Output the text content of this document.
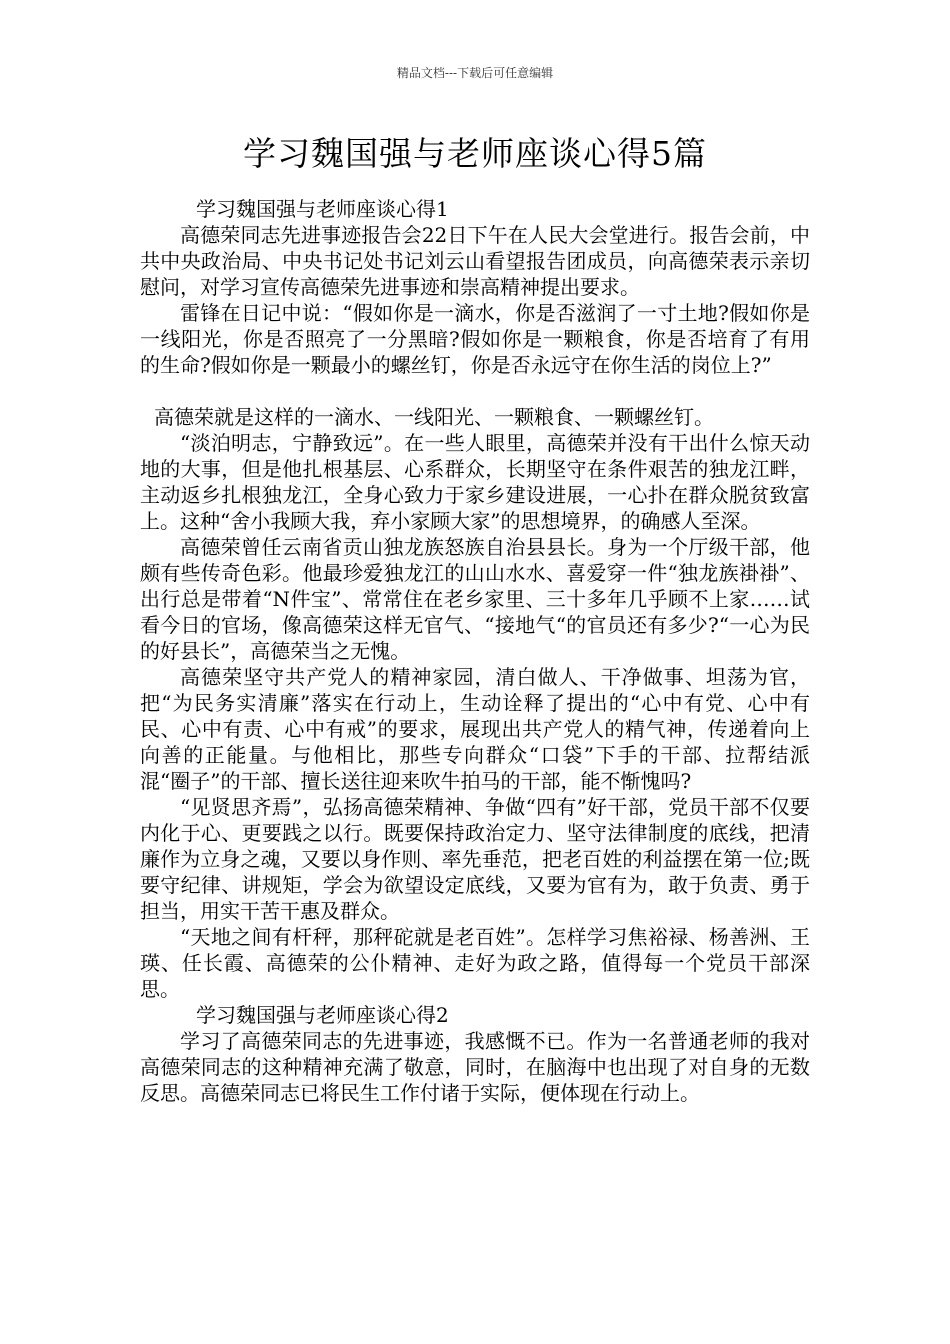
精品文档---下载后可任意编辑
学习魏国强与老师座谈心得5篇

学习魏国强与老师座谈心得1

高德荣同志先进事迹报告会22日下午在人民大会堂进行。报告会前，中共中央政治局、中央书记处书记刘云山看望报告团成员，向高德荣表示亲切慰问，对学习宣传高德荣先进事迹和崇高精神提出要求。

雷锋在日记中说：“假如你是一滴水，你是否滋润了一寸土地?假如你是一线阳光，你是否照亮了一分黑暗?假如你是一颗粮食，你是否培育了有用的生命?假如你是一颗最小的螺丝钉，你是否永远守在你生活的岗位上?”

高德荣就是这样的一滴水、一线阳光、一颗粮食、一颗螺丝钉。

“淡泊明志，宁静致远”。在一些人眼里，高德荣并没有干出什么惊天动地的大事，但是他扎根基层、心系群众，长期坚守在条件艰苦的独龙江畔，主动返乡扎根独龙江，全身心致力于家乡建设进展，一心扑在群众脱贫致富上。这种“舍小我顾大我，弃小家顾大家”的思想境界，的确感人至深。

高德荣曾任云南省贡山独龙族怒族自治县县长。身为一个厅级干部，他颇有些传奇色彩。他最珍爱独龙江的山山水水、喜爱穿一件“独龙族褂褂”、出行总是带着“N件宝”、常常住在老乡家里、三十多年几乎顾不上家……试看今日的官场，像高德荣这样无官气、“接地气“的官员还有多少?“一心为民的好县长”，高德荣当之无愧。

高德荣坚守共产党人的精神家园，清白做人、干净做事、坦荡为官，把“为民务实清廉”落实在行动上，生动诠释了提出的“心中有党、心中有民、心中有责、心中有戒”的要求，展现出共产党人的精气神，传递着向上向善的正能量。与他相比，那些专向群众“口袋”下手的干部、拉帮结派混“圈子”的干部、擅长送往迎来吹牛拍马的干部，能不惭愧吗?

“见贤思齐焉”，弘扬高德荣精神、争做“四有”好干部，党员干部不仅要内化于心、更要践之以行。既要保持政治定力、坚守法律制度的底线，把清廉作为立身之魂，又要以身作则、率先垂范，把老百姓的利益摆在第一位;既要守纪律、讲规矩，学会为欲望设定底线，又要为官有为，敢于负责、勇于担当，用实干苦干惠及群众。

“天地之间有杆秤，那秤砣就是老百姓”。怎样学习焦裕禄、杨善洲、王瑛、任长霞、高德荣的公仆精神、走好为政之路，值得每一个党员干部深思。

学习魏国强与老师座谈心得2

学习了高德荣同志的先进事迹，我感慨不已。作为一名普通老师的我对高德荣同志的这种精神充满了敬意，同时，在脑海中也出现了对自身的无数反思。高德荣同志已将民生工作付诸于实际，便体现在行动上。
